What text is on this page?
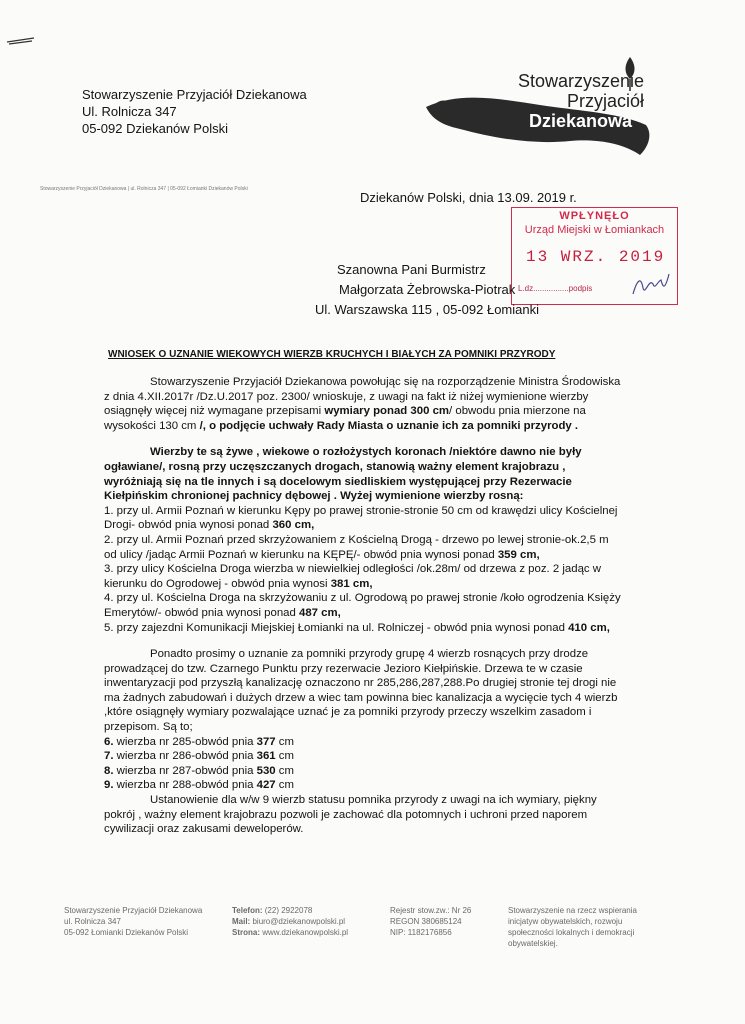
Stowarzyszenie Przyjaciół Dziekanowa
Ul. Rolnicza 347
05-092 Dziekanów Polski
Stowarzyszenie
Przyjaciół
Dziekanowa
Stowarzyszenie Przyjaciół Dziekanowa | ul. Rolnicza 347 | 05-092 Łomianki Dziekanów Polski
Dziekanów Polski, dnia 13.09. 2019 r.
WPŁYNĘŁO
Urząd Miejski w Łomiankach
13 WRZ. 2019
L.dz................podpis
Szanowna Pani Burmistrz
Małgorzata Żebrowska-Piotrak
Ul. Warszawska 115 , 05-092 Łomianki
WNIOSEK O UZNANIE WIEKOWYCH WIERZB KRUCHYCH I BIAŁYCH ZA POMNIKI PRZYRODY

Stowarzyszenie Przyjaciół Dziekanowa powołując się na rozporządzenie Ministra Środowiska z dnia 4.XII.2017r /Dz.U.2017 poz. 2300/ wnioskuje, z uwagi na fakt iż niżej wymienione wierzby osiągnęły więcej niż wymagane przepisami wymiary ponad 300 cm/ obwodu pnia mierzone na wysokości 130 cm /, o podjęcie uchwały Rady Miasta o uznanie ich za pomniki przyrody .

Wierzby te są żywe , wiekowe o rozłożystych koronach /niektóre dawno nie były ogławiane/, rosną przy uczęszczanych drogach, stanowią ważny element krajobrazu , wyróżniają się na tle innych i są docelowym siedliskiem występującej przy Rezerwacie Kiełpińskim chronionej pachnicy dębowej . Wyżej wymienione wierzby rosną:

1. przy ul. Armii Poznań w kierunku Kępy po prawej stronie-stronie 50 cm od krawędzi ulicy Kościelnej Drogi- obwód pnia wynosi ponad 360 cm,

2. przy ul. Armii Poznań przed skrzyżowaniem z Kościelną Drogą - drzewo po lewej stronie-ok.2,5 m od ulicy /jadąc Armii Poznań w kierunku na KĘPĘ/- obwód pnia wynosi ponad 359 cm,

3. przy ulicy Kościelna Droga wierzba w niewielkiej odległości /ok.28m/ od drzewa z poz. 2 jadąc w kierunku do Ogrodowej - obwód pnia wynosi 381 cm,

4. przy ul. Kościelna Droga na skrzyżowaniu z ul. Ogrodową po prawej stronie /koło ogrodzenia Księży Emerytów/- obwód pnia wynosi ponad 487 cm,

5. przy zajezdni Komunikacji Miejskiej Łomianki na ul. Rolniczej - obwód pnia wynosi ponad 410 cm,

Ponadto prosimy o uznanie za pomniki przyrody grupę 4 wierzb rosnących przy drodze prowadzącej do tzw. Czarnego Punktu przy rezerwacie Jezioro Kiełpińskie. Drzewa te w czasie inwentaryzacji pod przyszłą kanalizację oznaczono nr 285,286,287,288.Po drugiej stronie tej drogi nie ma żadnych zabudowań i dużych drzew a wiec tam powinna biec kanalizacja a wycięcie tych 4 wierzb ,które osiągnęły wymiary pozwalające uznać je za pomniki przyrody przeczy wszelkim zasadom i przepisom. Są to;

6. wierzba nr 285-obwód pnia 377 cm

7. wierzba nr 286-obwód pnia 361 cm

8. wierzba nr 287-obwód pnia 530 cm

9. wierzba nr 288-obwód pnia 427 cm

Ustanowienie dla w/w 9 wierzb statusu pomnika przyrody z uwagi na ich wymiary, piękny pokrój , ważny element krajobrazu pozwoli je zachować dla potomnych i uchroni przed naporem cywilizacji oraz zakusami deweloperów.

Stowarzyszenie Przyjaciół Dziekanowa
ul. Rolnicza 347
05-092 Łomianki Dziekanów Polski
Telefon: (22) 2922078
Mail: biuro@dziekanowpolski.pl
Strona: www.dziekanowpolski.pl
Rejestr stow.zw.: Nr 26
REGON 380685124
NIP: 1182176856
Stowarzyszenie na rzecz wspierania inicjatyw obywatelskich, rozwoju społeczności lokalnych i demokracji obywatelskiej.
